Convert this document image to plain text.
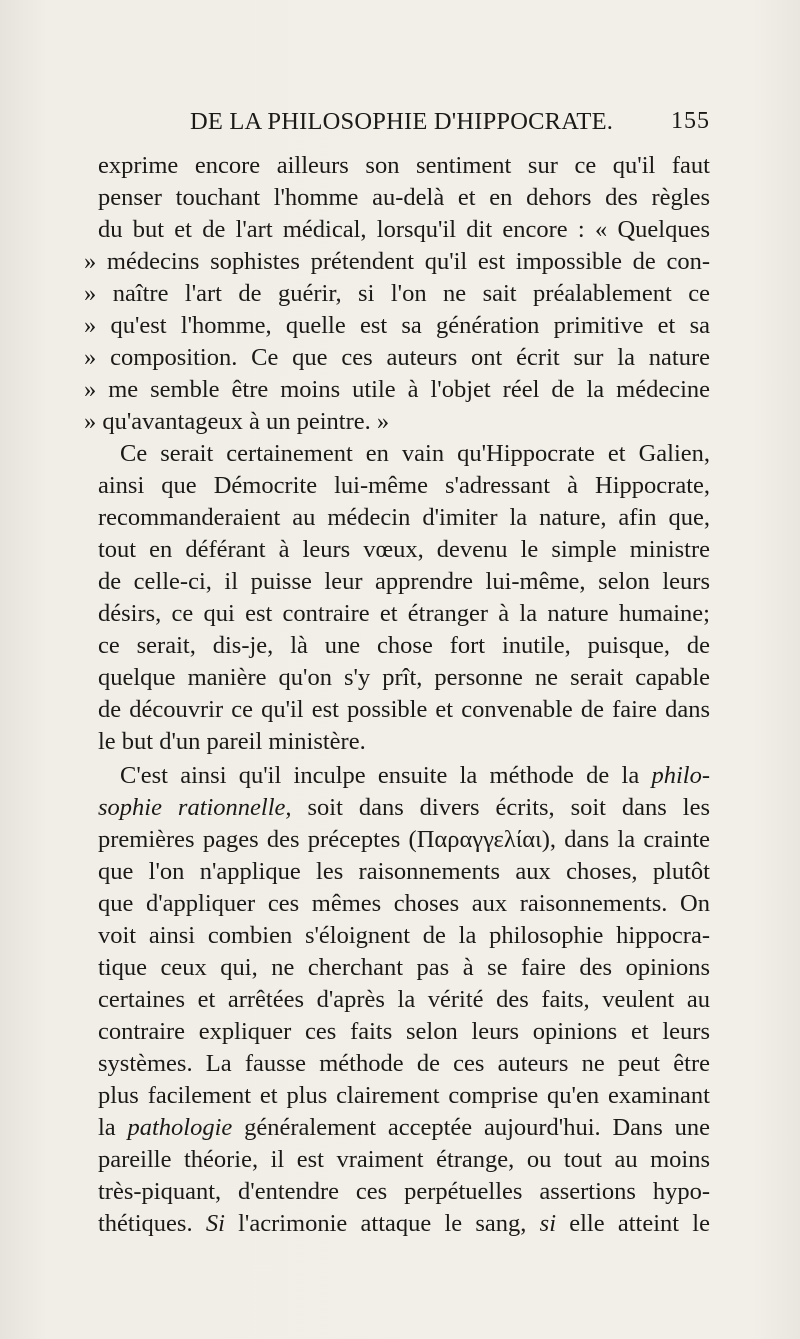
DE LA PHILOSOPHIE D'HIPPOCRATE. 155
exprime encore ailleurs son sentiment sur ce qu'il faut
penser touchant l'homme au-delà et en dehors des règles
du but et de l'art médical, lorsqu'il dit encore : « Quelques
» médecins sophistes prétendent qu'il est impossible de con-
» naître l'art de guérir, si l'on ne sait préalablement ce
» qu'est l'homme, quelle est sa génération primitive et sa
» composition. Ce que ces auteurs ont écrit sur la nature
» me semble être moins utile à l'objet réel de la médecine
» qu'avantageux à un peintre. »
Ce serait certainement en vain qu'Hippocrate et Galien,
ainsi que Démocrite lui-même s'adressant à Hippocrate,
recommanderaient au médecin d'imiter la nature, afin que,
tout en déférant à leurs vœux, devenu le simple ministre
de celle-ci, il puisse leur apprendre lui-même, selon leurs
désirs, ce qui est contraire et étranger à la nature humaine;
ce serait, dis-je, là une chose fort inutile, puisque, de
quelque manière qu'on s'y prît, personne ne serait capable
de découvrir ce qu'il est possible et convenable de faire dans
le but d'un pareil ministère.
C'est ainsi qu'il inculpe ensuite la méthode de la philo-
sophie rationnelle, soit dans divers écrits, soit dans les
premières pages des préceptes (Παραγγελίαι), dans la crainte
que l'on n'applique les raisonnements aux choses, plutôt
que d'appliquer ces mêmes choses aux raisonnements. On
voit ainsi combien s'éloignent de la philosophie hippocra-
tique ceux qui, ne cherchant pas à se faire des opinions
certaines et arrêtées d'après la vérité des faits, veulent au
contraire expliquer ces faits selon leurs opinions et leurs
systèmes. La fausse méthode de ces auteurs ne peut être
plus facilement et plus clairement comprise qu'en examinant
la pathologie généralement acceptée aujourd'hui. Dans une
pareille théorie, il est vraiment étrange, ou tout au moins
très-piquant, d'entendre ces perpétuelles assertions hypo-
thétiques. Si l'acrimonie attaque le sang, si elle atteint le
